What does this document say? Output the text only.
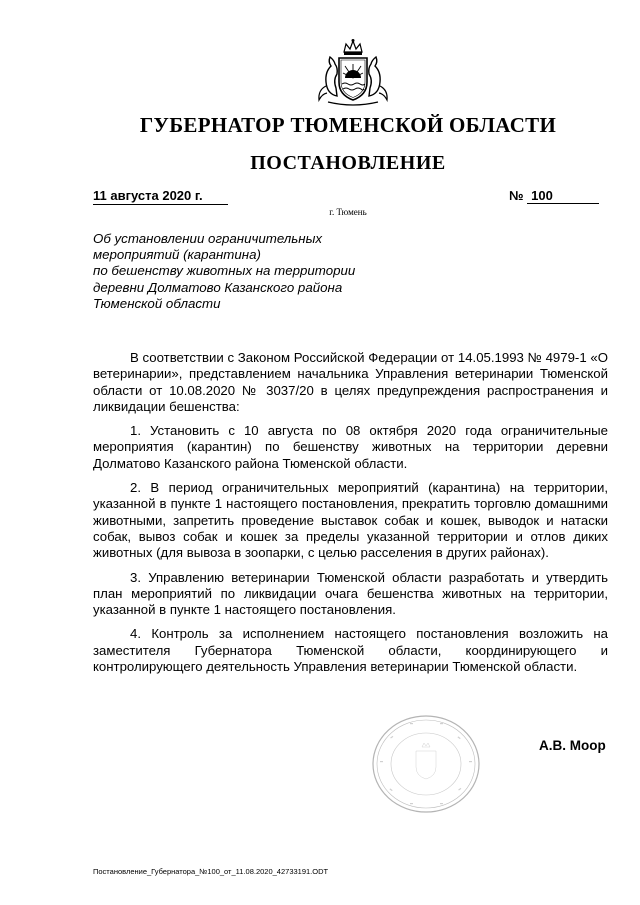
ГУБЕРНАТОР ТЮМЕНСКОЙ ОБЛАСТИ
ПОСТАНОВЛЕНИЕ
11 августа 2020 г.	№ 100
г. Тюмень
Об установлении ограничительных
мероприятий (карантина)
по бешенству животных на территории
деревни Долматово Казанского района
Тюменской области

В соответствии с Законом Российской Федерации от 14.05.1993 № 4979-1 «О ветеринарии», представлением начальника Управления ветеринарии Тюменской области от 10.08.2020 № 3037/20 в целях предупреждения распространения и ликвидации бешенства:

1. Установить с 10 августа по 08 октября 2020 года ограничительные мероприятия (карантин) по бешенству животных на территории деревни Долматово Казанского района Тюменской области.

2. В период ограничительных мероприятий (карантина) на территории, указанной в пункте 1 настоящего постановления, прекратить торговлю домашними животными, запретить проведение выставок собак и кошек, выводок и натаски собак, вывоз собак и кошек за пределы указанной территории и отлов диких животных (для вывоза в зоопарки, с целью расселения в других районах).

3. Управлению ветеринарии Тюменской области разработать и утвердить план мероприятий по ликвидации очага бешенства животных на территории, указанной в пункте 1 настоящего постановления.

4. Контроль за исполнением настоящего постановления возложить на заместителя Губернатора Тюменской области, координирующего и контролирующего деятельность Управления ветеринарии Тюменской области.

А.В. Моор
Постановление_Губернатора_№100_от_11.08.2020_42733191.ODT
